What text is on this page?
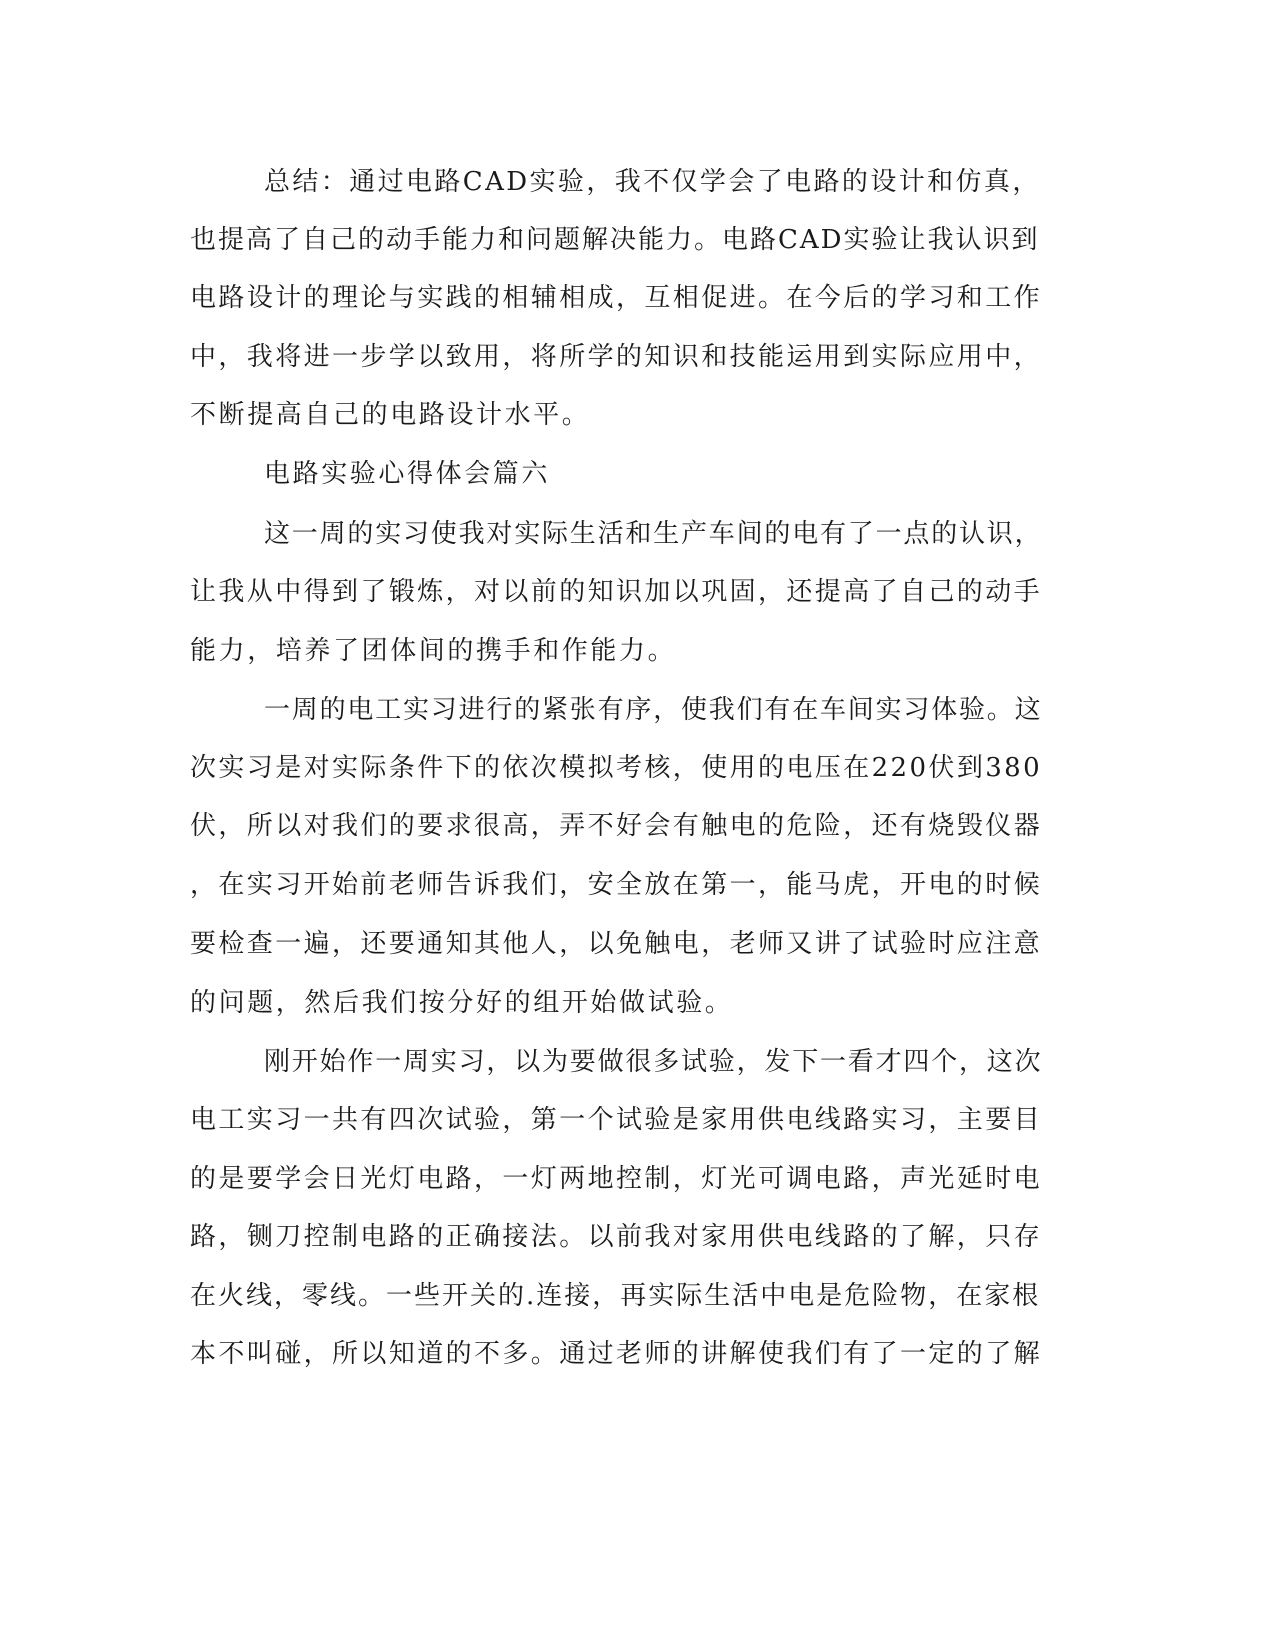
总结：通过电路CAD实验，我不仅学会了电路的设计和仿真，

也提高了自己的动手能力和问题解决能力。电路CAD实验让我认识到

电路设计的理论与实践的相辅相成，互相促进。在今后的学习和工作

中，我将进一步学以致用，将所学的知识和技能运用到实际应用中，

不断提高自己的电路设计水平。

电路实验心得体会篇六

这一周的实习使我对实际生活和生产车间的电有了一点的认识，

让我从中得到了锻炼，对以前的知识加以巩固，还提高了自己的动手

能力，培养了团体间的携手和作能力。

一周的电工实习进行的紧张有序，使我们有在车间实习体验。这

次实习是对实际条件下的依次模拟考核，使用的电压在220伏到380

伏，所以对我们的要求很高，弄不好会有触电的危险，还有烧毁仪器

，在实习开始前老师告诉我们，安全放在第一，能马虎，开电的时候

要检查一遍，还要通知其他人，以免触电，老师又讲了试验时应注意

的问题，然后我们按分好的组开始做试验。

刚开始作一周实习，以为要做很多试验，发下一看才四个，这次

电工实习一共有四次试验，第一个试验是家用供电线路实习，主要目

的是要学会日光灯电路，一灯两地控制，灯光可调电路，声光延时电

路，铡刀控制电路的正确接法。以前我对家用供电线路的了解，只存

在火线，零线。一些开关的.连接，再实际生活中电是危险物，在家根

本不叫碰，所以知道的不多。通过老师的讲解使我们有了一定的了解
